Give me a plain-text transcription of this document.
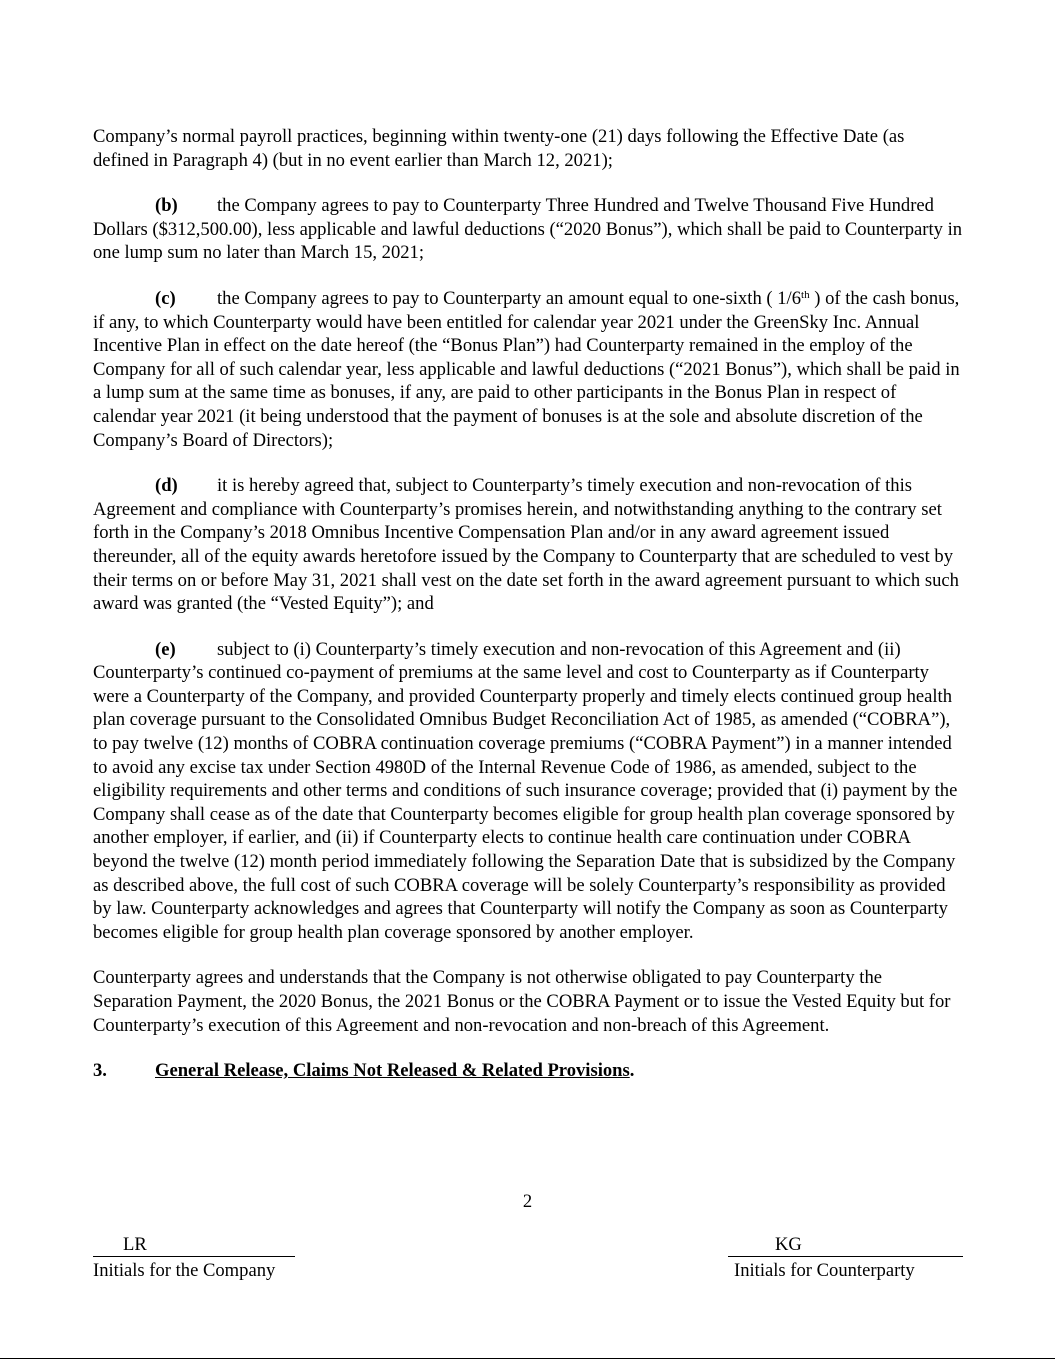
Company’s normal payroll practices, beginning within twenty-one (21) days following the Effective Date (as defined in Paragraph 4) (but in no event earlier than March 12, 2021);

(b) the Company agrees to pay to Counterparty Three Hundred and Twelve Thousand Five Hundred Dollars ($312,500.00), less applicable and lawful deductions (“2020 Bonus”), which shall be paid to Counterparty in one lump sum no later than March 15, 2021;

(c) the Company agrees to pay to Counterparty an amount equal to one-sixth ( 1/6th ) of the cash bonus, if any, to which Counterparty would have been entitled for calendar year 2021 under the GreenSky Inc. Annual Incentive Plan in effect on the date hereof (the “Bonus Plan”) had Counterparty remained in the employ of the Company for all of such calendar year, less applicable and lawful deductions (“2021 Bonus”), which shall be paid in a lump sum at the same time as bonuses, if any, are paid to other participants in the Bonus Plan in respect of calendar year 2021 (it being understood that the payment of bonuses is at the sole and absolute discretion of the Company’s Board of Directors);

(d) it is hereby agreed that, subject to Counterparty’s timely execution and non-revocation of this Agreement and compliance with Counterparty’s promises herein, and notwithstanding anything to the contrary set forth in the Company’s 2018 Omnibus Incentive Compensation Plan and/or in any award agreement issued thereunder, all of the equity awards heretofore issued by the Company to Counterparty that are scheduled to vest by their terms on or before May 31, 2021 shall vest on the date set forth in the award agreement pursuant to which such award was granted (the “Vested Equity”); and

(e) subject to (i) Counterparty’s timely execution and non-revocation of this Agreement and (ii) Counterparty’s continued co-payment of premiums at the same level and cost to Counterparty as if Counterparty were a Counterparty of the Company, and provided Counterparty properly and timely elects continued group health plan coverage pursuant to the Consolidated Omnibus Budget Reconciliation Act of 1985, as amended (“COBRA”), to pay twelve (12) months of COBRA continuation coverage premiums (“COBRA Payment”) in a manner intended to avoid any excise tax under Section 4980D of the Internal Revenue Code of 1986, as amended, subject to the eligibility requirements and other terms and conditions of such insurance coverage; provided that (i) payment by the Company shall cease as of the date that Counterparty becomes eligible for group health plan coverage sponsored by another employer, if earlier, and (ii) if Counterparty elects to continue health care continuation under COBRA beyond the twelve (12) month period immediately following the Separation Date that is subsidized by the Company as described above, the full cost of such COBRA coverage will be solely Counterparty’s responsibility as provided by law. Counterparty acknowledges and agrees that Counterparty will notify the Company as soon as Counterparty becomes eligible for group health plan coverage sponsored by another employer.

Counterparty agrees and understands that the Company is not otherwise obligated to pay Counterparty the Separation Payment, the 2020 Bonus, the 2021 Bonus or the COBRA Payment or to issue the Vested Equity but for Counterparty’s execution of this Agreement and non-revocation and non-breach of this Agreement.

3.	General Release, Claims Not Released & Related Provisions.

2
LR
Initials for the Company
KG
Initials for Counterparty
